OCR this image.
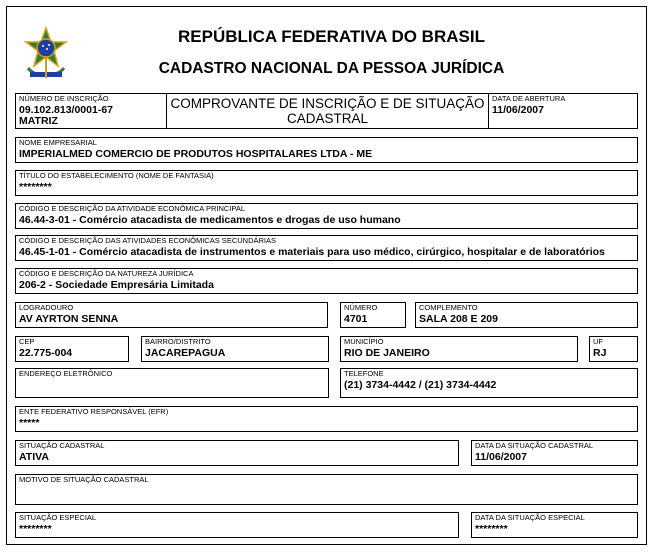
REPÚBLICA FEDERATIVA DO BRASIL
CADASTRO NACIONAL DA PESSOA JURÍDICA
NÚMERO DE INSCRIÇÃO
09.102.813/0001-67
MATRIZ
COMPROVANTE DE INSCRIÇÃO E DE SITUAÇÃO
CADASTRAL
DATA DE ABERTURA
11/06/2007
NOME EMPRESARIAL
IMPERIALMED COMERCIO DE PRODUTOS HOSPITALARES LTDA - ME
TÍTULO DO ESTABELECIMENTO (NOME DE FANTASIA)
********
CÓDIGO E DESCRIÇÃO DA ATIVIDADE ECONÔMICA PRINCIPAL
46.44-3-01 - Comércio atacadista de medicamentos e drogas de uso humano
CÓDIGO E DESCRIÇÃO DAS ATIVIDADES ECONÔMICAS SECUNDÁRIAS
46.45-1-01 - Comércio atacadista de instrumentos e materiais para uso médico, cirúrgico, hospitalar e de laboratórios
CÓDIGO E DESCRIÇÃO DA NATUREZA JURÍDICA
206-2 - Sociedade Empresária Limitada
LOGRADOURO
AV AYRTON SENNA
NÚMERO
4701
COMPLEMENTO
SALA 208 E 209
CEP
22.775-004
BAIRRO/DISTRITO
JACAREPAGUA
MUNICÍPIO
RIO DE JANEIRO
UF
RJ
ENDEREÇO ELETRÔNICO	TELEFONE
(21) 3734-4442 / (21) 3734-4442
ENTE FEDERATIVO RESPONSÁVEL (EFR)
*****
SITUAÇÃO CADASTRAL
ATIVA
DATA DA SITUAÇÃO CADASTRAL
11/06/2007
MOTIVO DE SITUAÇÃO CADASTRAL
SITUAÇÃO ESPECIAL
********
DATA DA SITUAÇÃO ESPECIAL
********
